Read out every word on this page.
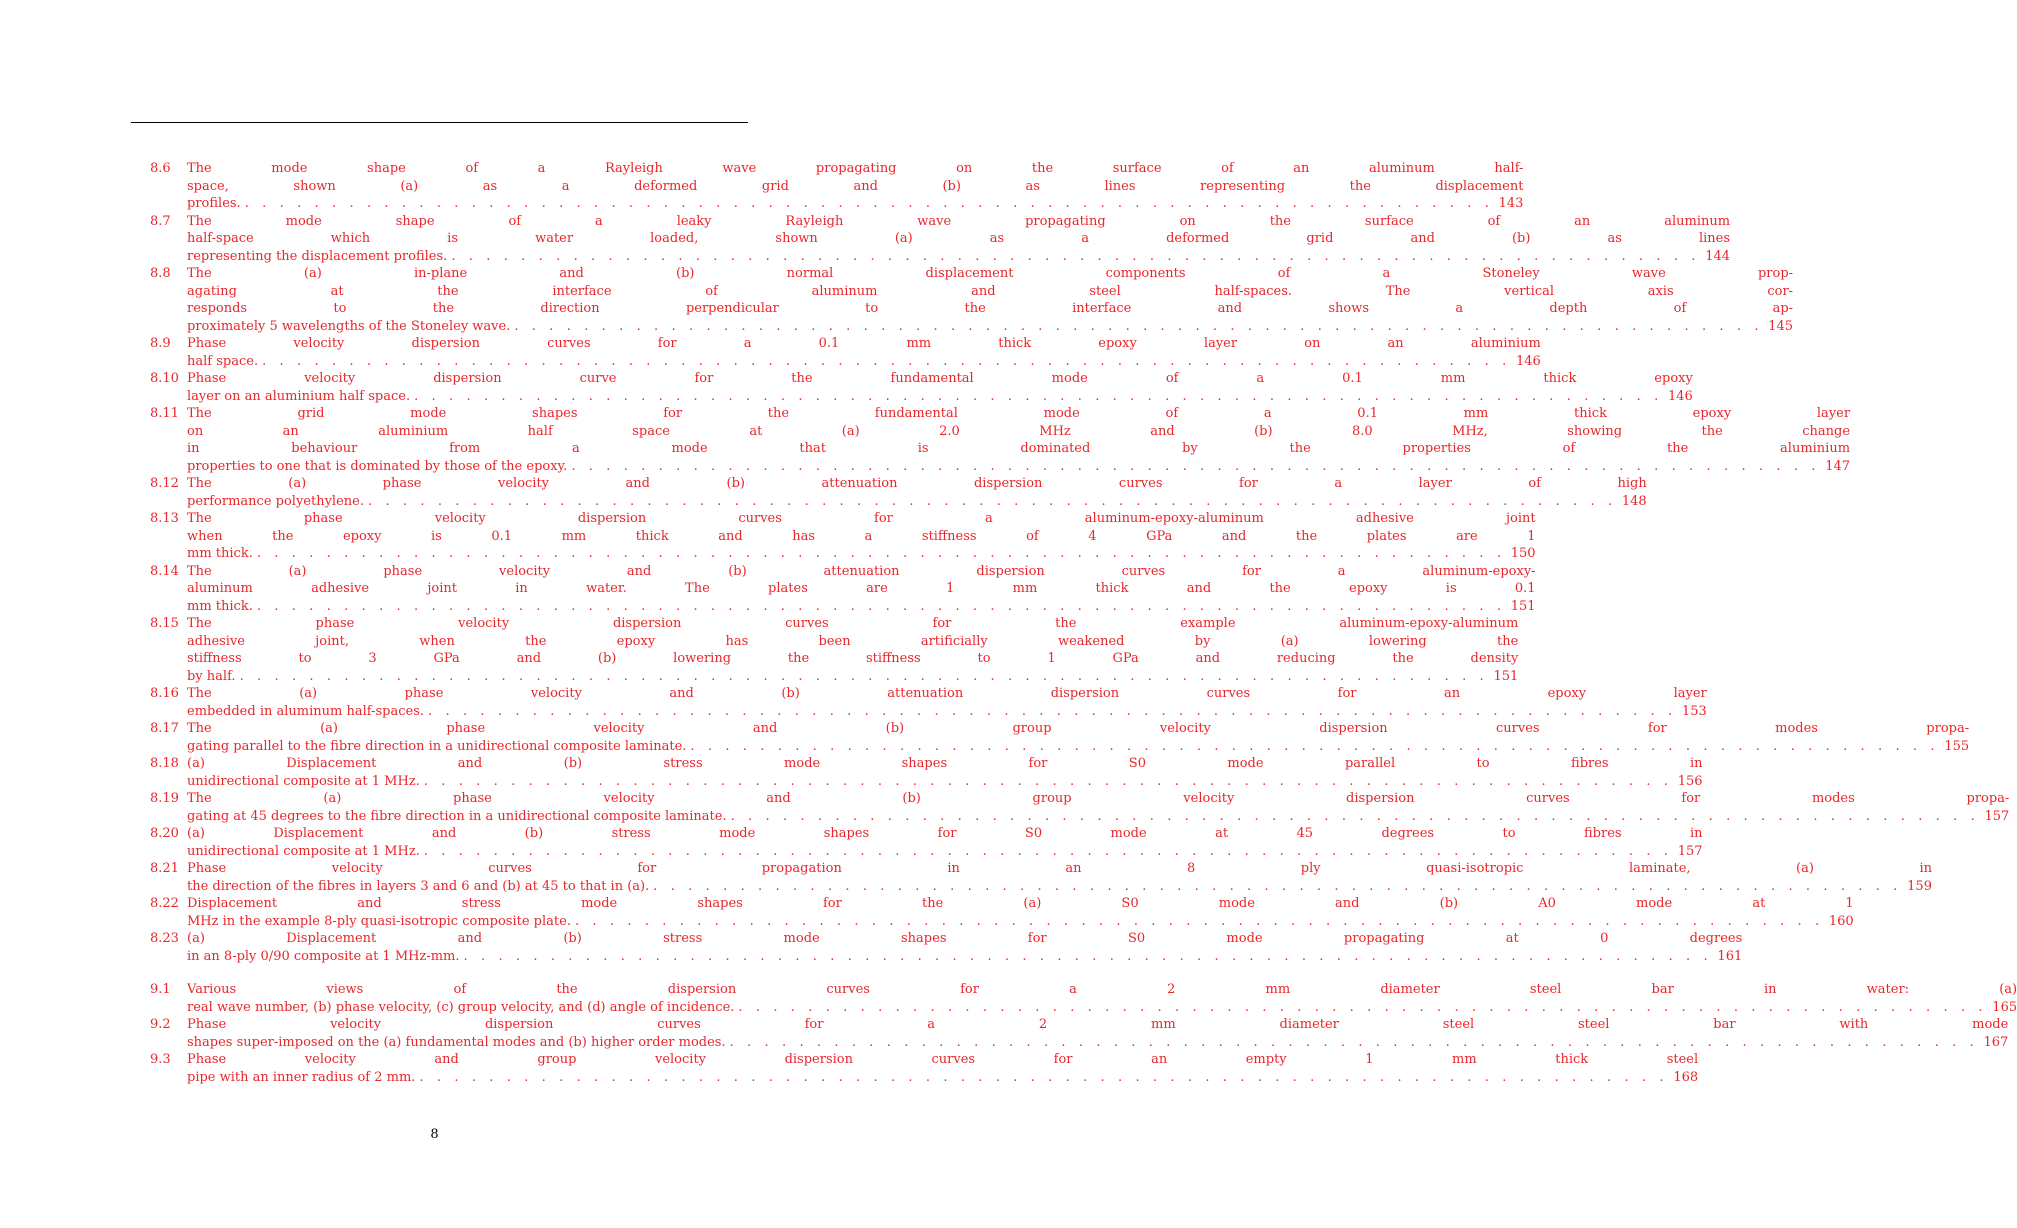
8.6	The mode shape of a Rayleigh wave propagating on the surface of an aluminum half-
space, shown (a) as a deformed grid and (b) as lines representing the displacement
profiles. . . .	143
8.7	The mode shape of a leaky Rayleigh wave propagating on the surface of an aluminum
half-space which is water loaded, shown (a) as a deformed grid and (b) as lines
representing the displacement profiles. . . .	144
8.8	The (a) in-plane and (b) normal displacement components of a Stoneley wave prop-
agating at the interface of aluminum and steel half-spaces. The vertical axis cor-
responds to the direction perpendicular to the interface and shows a depth of ap-
proximately 5 wavelengths of the Stoneley wave. . . .	145
8.9	Phase velocity dispersion curves for a 0.1 mm thick epoxy layer on an aluminium
half space. . . .	146
8.10 Phase velocity dispersion curve for the fundamental mode of a 0.1 mm thick epoxy
layer on an aluminium half space. . . .	146
8.11 The grid mode shapes for the fundamental mode of a 0.1 mm thick epoxy layer
on an aluminium half space at (a) 2.0 MHz and (b) 8.0 MHz, showing the change
in behaviour from a mode that is dominated by the properties of the aluminium
properties to one that is dominated by those of the epoxy. . . .	147
8.12 The (a) phase velocity and (b) attenuation dispersion curves for a layer of high
performance polyethylene. . . .	148
8.13 The phase velocity dispersion curves for a aluminum-epoxy-aluminum adhesive joint
when the epoxy is 0.1 mm thick and has a stiffness of 4 GPa and the plates are 1
mm thick. . . .	150
8.14 The (a) phase velocity and (b) attenuation dispersion curves for a aluminum-epoxy-
aluminum adhesive joint in water. The plates are 1 mm thick and the epoxy is 0.1
mm thick. . . .	151
8.15 The phase velocity dispersion curves for the example aluminum-epoxy-aluminum
adhesive joint, when the epoxy has been artificially weakened by (a) lowering the
stiffness to 3 GPa and (b) lowering the stiffness to 1 GPa and reducing the density
by half. . . .	151
8.16 The (a) phase velocity and (b) attenuation dispersion curves for an epoxy layer
embedded in aluminum half-spaces. . . .	153
8.17 The (a) phase velocity and (b) group velocity dispersion curves for modes propa-
gating parallel to the fibre direction in a unidirectional composite laminate. . . .	155
8.18 (a) Displacement and (b) stress mode shapes for S0 mode parallel to fibres in
unidirectional composite at 1 MHz. . . .	156
8.19 The (a) phase velocity and (b) group velocity dispersion curves for modes propa-
gating at 45 degrees to the fibre direction in a unidirectional composite laminate. . . .	157
8.20 (a) Displacement and (b) stress mode shapes for S0 mode at 45 degrees to fibres in
unidirectional composite at 1 MHz. . . .	157
8.21 Phase velocity curves for propagation in an 8 ply quasi-isotropic laminate, (a) in
the direction of the fibres in layers 3 and 6 and (b) at 45 to that in (a). . . .	159
8.22 Displacement and stress mode shapes for the (a) S0 mode and (b) A0 mode at 1
MHz in the example 8-ply quasi-isotropic composite plate. . . .	160
8.23 (a) Displacement and (b) stress mode shapes for S0 mode propagating at 0 degrees
in an 8-ply 0/90 composite at 1 MHz-mm. . . .	161
9.1	Various views of the dispersion curves for a 2 mm diameter steel bar in water: (a)
real wave number, (b) phase velocity, (c) group velocity, and (d) angle of incidence. . . .	165
9.2	Phase velocity dispersion curves for a 2 mm diameter steel steel bar with mode
shapes super-imposed on the (a) fundamental modes and (b) higher order modes. . . .	167
9.3	Phase velocity and group velocity dispersion curves for an empty 1 mm thick steel
pipe with an inner radius of 2 mm. . . .	168
8
